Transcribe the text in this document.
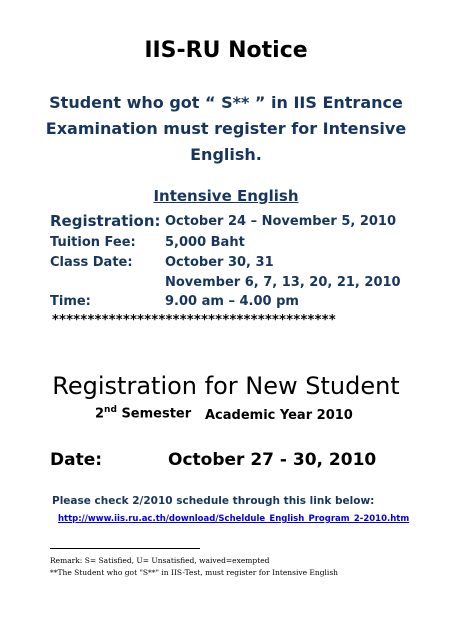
IIS-RU Notice
Student who got “ S** ” in IIS Entrance
Examination must register for Intensive
English.
Intensive English
Registration: October 24 – November 5, 2010
Tuition Fee: 5,000 Baht
Class Date: October 30, 31
November 6, 7, 13, 20, 21, 2010
Time:	9.00 am – 4.00 pm
****************************************
Registration for New Student
2nd Semester Academic Year 2010
Date:	October 27 - 30, 2010
Please check 2/2010 schedule through this link below:
http://www.iis.ru.ac.th/download/Scheldule_English_Program_2-2010.htm
Remark: S= Satisfied, U= Unsatisfied, waived=exempted
**The Student who got "S**" in IIS-Test, must register for Intensive English
